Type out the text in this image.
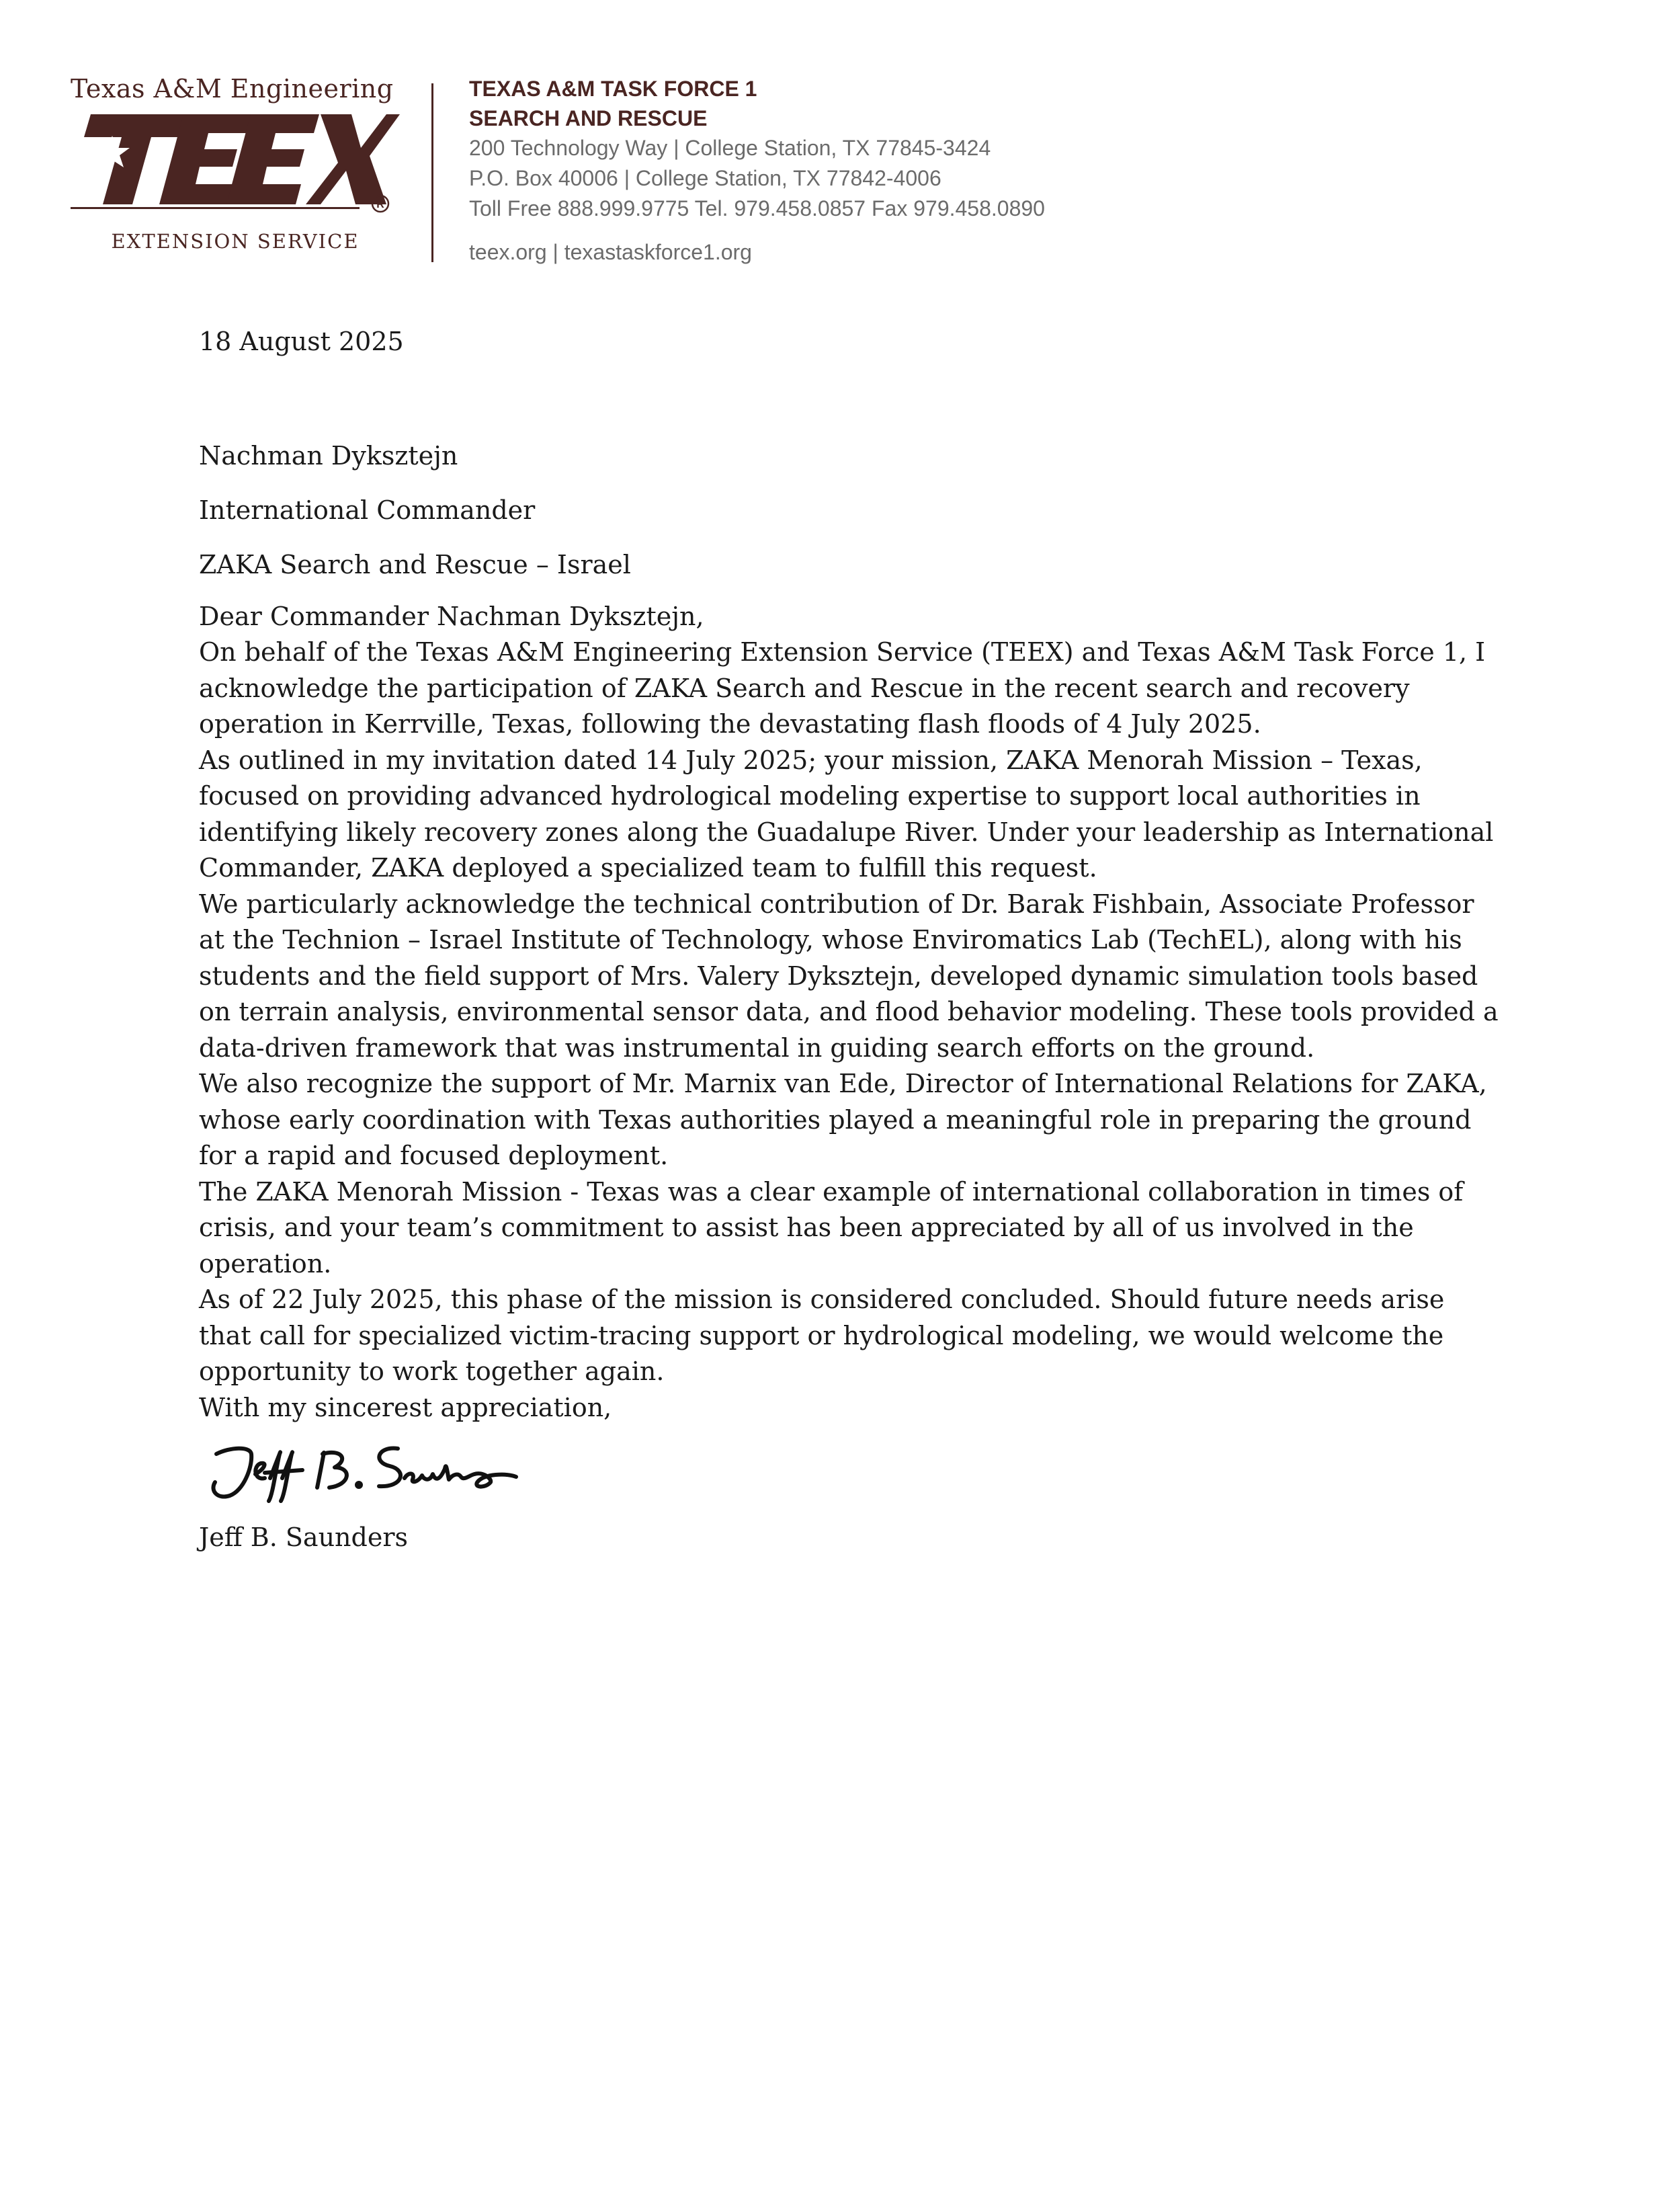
Texas A&M Engineering
EXTENSION SERVICE
R
TEXAS A&M TASK FORCE 1
SEARCH AND RESCUE
200 Technology Way | College Station, TX 77845-3424
P.O. Box 40006 | College Station, TX 77842-4006
Toll Free 888.999.9775 Tel. 979.458.0857 Fax 979.458.0890
teex.org | texastaskforce1.org
18 August 2025
Nachman Dyksztejn
International Commander
ZAKA Search and Rescue – Israel
Dear Commander Nachman Dyksztejn,

On behalf of the Texas A&M Engineering Extension Service (TEEX) and Texas A&M Task Force 1, I acknowledge the participation of ZAKA Search and Rescue in the recent search and recovery operation in Kerrville, Texas, following the devastating flash floods of 4 July 2025.

As outlined in my invitation dated 14 July 2025; your mission, ZAKA Menorah Mission – Texas, focused on providing advanced hydrological modeling expertise to support local authorities in identifying likely recovery zones along the Guadalupe River. Under your leadership as International Commander, ZAKA deployed a specialized team to fulfill this request.

We particularly acknowledge the technical contribution of Dr. Barak Fishbain, Associate Professor at the Technion – Israel Institute of Technology, whose Enviromatics Lab (TechEL), along with his students and the field support of Mrs. Valery Dyksztejn, developed dynamic simulation tools based on terrain analysis, environmental sensor data, and flood behavior modeling. These tools provided a data-driven framework that was instrumental in guiding search efforts on the ground.

We also recognize the support of Mr. Marnix van Ede, Director of International Relations for ZAKA, whose early coordination with Texas authorities played a meaningful role in preparing the ground for a rapid and focused deployment.

The ZAKA Menorah Mission - Texas was a clear example of international collaboration in times of crisis, and your team’s commitment to assist has been appreciated by all of us involved in the operation.

As of 22 July 2025, this phase of the mission is considered concluded. Should future needs arise that call for specialized victim-tracing support or hydrological modeling, we would welcome the opportunity to work together again.

With my sincerest appreciation,
Jeff B. Saunders
